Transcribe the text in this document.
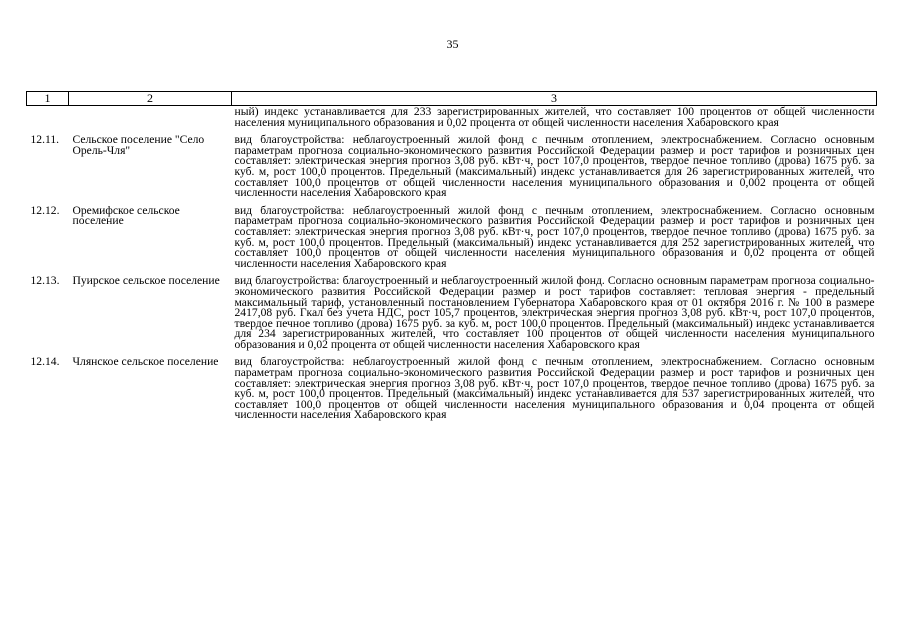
35
1	2	3
		ный) индекс устанавливается для 233 зарегистрированных жителей, что составляет 100 процентов от общей численности населения муниципального образования и 0,02 процента от общей численности населения Хабаровского края
12.11.	Сельское поселение "Село Орель-Чля"	вид благоустройства: неблагоустроенный жилой фонд с печным отоплением, электроснабжением. Согласно основным параметрам прогноза социально-экономического развития Российской Федерации размер и рост тарифов и розничных цен составляет: электрическая энергия прогноз 3,08 руб. кВт·ч, рост 107,0 процентов, твердое печное топливо (дрова) 1675 руб. за куб. м, рост 100,0 процентов. Предельный (максимальный) индекс устанавливается для 26 зарегистрированных жителей, что составляет 100,0 процентов от общей численности населения муниципального образования и 0,002 процента от общей численности населения Хабаровского края
12.12.	Оремифское сельское поселение	вид благоустройства: неблагоустроенный жилой фонд с печным отоплением, электроснабжением. Согласно основным параметрам прогноза социально-экономического развития Российской Федерации размер и рост тарифов и розничных цен составляет: электрическая энергия прогноз 3,08 руб. кВт·ч, рост 107,0 процентов, твердое печное топливо (дрова) 1675 руб. за куб. м, рост 100,0 процентов. Предельный (максимальный) индекс устанавливается для 252 зарегистрированных жителей, что составляет 100,0 процентов от общей численности населения муниципального образования и 0,02 процента от общей численности населения Хабаровского края
12.13.	Пуирское сельское поселение	вид благоустройства: благоустроенный и неблагоустроенный жилой фонд. Согласно основным параметрам прогноза социально-экономического развития Российской Федерации размер и рост тарифов составляет: тепловая энергия - предельный максимальный тариф, установленный постановлением Губернатора Хабаровского края от 01 октября 2016 г. № 100 в размере 2417,08 руб. Гкал без учета НДС, рост 105,7 процентов, электрическая энергия прогноз 3,08 руб. кВт·ч, рост 107,0 процентов, твердое печное топливо (дрова) 1675 руб. за куб. м, рост 100,0 процентов. Предельный (максимальный) индекс устанавливается для 234 зарегистрированных жителей, что составляет 100 процентов от общей численности населения муниципального образования и 0,02 процента от общей численности населения Хабаровского края
12.14.	Члянское сельское поселение	вид благоустройства: неблагоустроенный жилой фонд с печным отоплением, электроснабжением. Согласно основным параметрам прогноза социально-экономического развития Российской Федерации размер и рост тарифов и розничных цен составляет: электрическая энергия прогноз 3,08 руб. кВт·ч, рост 107,0 процентов, твердое печное топливо (дрова) 1675 руб. за куб. м, рост 100,0 процентов. Предельный (максимальный) индекс устанавливается для 537 зарегистрированных жителей, что составляет 100,0 процентов от общей численности населения муниципального образования и 0,04 процента от общей численности населения Хабаровского края
